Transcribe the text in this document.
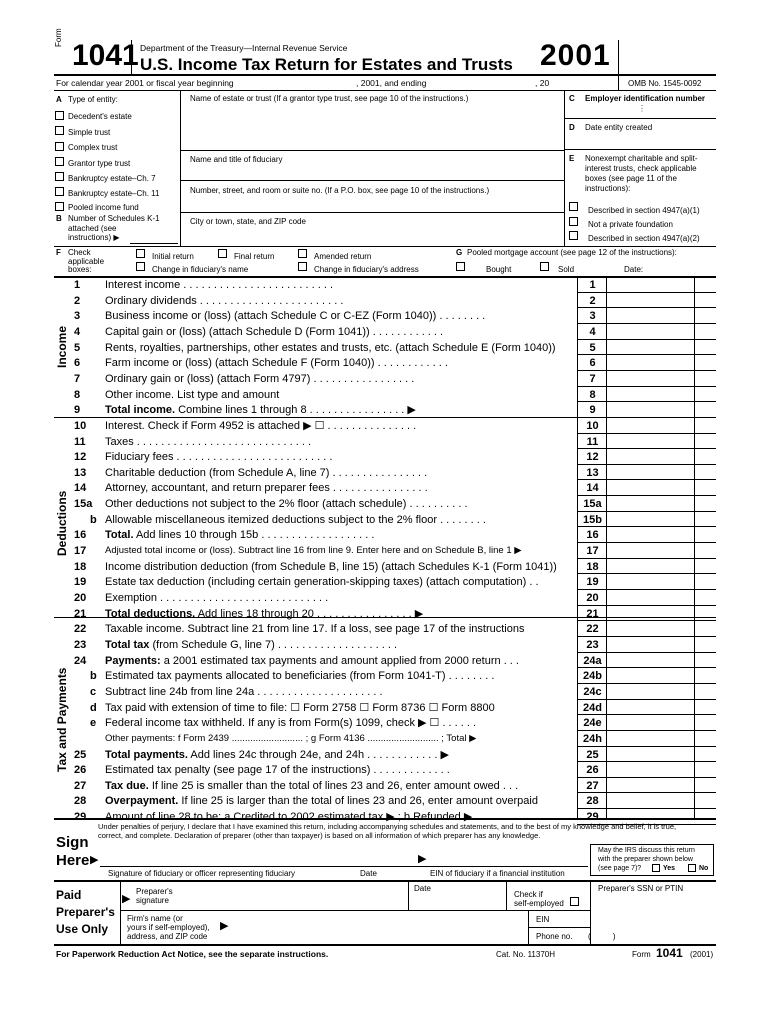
Form
1041 Department of the Treasury—Internal Revenue Service
U.S. Income Tax Return for Estates and Trusts 2001
For calendar year 2001 or fiscal year beginning	, 2001, and ending	, 20	OMB No. 1545-0092
A Type of entity:
Decedent's estate
Simple trust
Complex trust
Grantor type trust
Bankruptcy estate–Ch. 7
Bankruptcy estate–Ch. 11
Pooled income fund
B Number of Schedules K-1
attached (see
instructions) ▶
Name of estate or trust (If a grantor type trust, see page 10 of the instructions.)
Name and title of fiduciary
Number, street, and room or suite no. (If a P.O. box, see page 10 of the instructions.)
City or town, state, and ZIP code
C Employer identification number
⋮
D Date entity created
E Nonexempt charitable and split-
interest trusts, check applicable
boxes (see page 11 of the
instructions):
Described in section 4947(a)(1)
Not a private foundation
Described in section 4947(a)(2)
F Check
applicable
boxes:
Initial return	Final return	Amended return
Change in fiduciary's name	Change in fiduciary's address
G Pooled mortgage account (see page 12 of the instructions):
Bought	Sold	Date:
Income
Deductions
Tax and Payments
1	Interest income . . . . . . . . . . . . . . . . . . . . . . . . .	1
2	Ordinary dividends . . . . . . . . . . . . . . . . . . . . . . . .	2
3	Business income or (loss) (attach Schedule C or C-EZ (Form 1040)) . . . . . . . .	3
4	Capital gain or (loss) (attach Schedule D (Form 1041)) . . . . . . . . . . . .	4
5	Rents, royalties, partnerships, other estates and trusts, etc. (attach Schedule E (Form 1040))	5
6	Farm income or (loss) (attach Schedule F (Form 1040)) . . . . . . . . . . . .	6
7	Ordinary gain or (loss) (attach Form 4797) . . . . . . . . . . . . . . . . .	7
8	Other income. List type and amount	8
9	Total income. Combine lines 1 through 8 . . . . . . . . . . . . . . . . ▶	9
10	Interest. Check if Form 4952 is attached ▶ ☐ . . . . . . . . . . . . . . .	10
11	Taxes . . . . . . . . . . . . . . . . . . . . . . . . . . . . .	11
12	Fiduciary fees . . . . . . . . . . . . . . . . . . . . . . . . . .	12
13	Charitable deduction (from Schedule A, line 7) . . . . . . . . . . . . . . . .	13
14	Attorney, accountant, and return preparer fees . . . . . . . . . . . . . . . .	14
15a	Other deductions not subject to the 2% floor (attach schedule) . . . . . . . . . .	15a
b Allowable miscellaneous itemized deductions subject to the 2% floor . . . . . . . .	15b
16	Total. Add lines 10 through 15b . . . . . . . . . . . . . . . . . . .	16
17	Adjusted total income or (loss). Subtract line 16 from line 9. Enter here and on Schedule B, line 1 ▶	17
18	Income distribution deduction (from Schedule B, line 15) (attach Schedules K-1 (Form 1041))	18
19	Estate tax deduction (including certain generation-skipping taxes) (attach computation) . .	19
20	Exemption . . . . . . . . . . . . . . . . . . . . . . . . . . . .	20
21	Total deductions. Add lines 18 through 20 . . . . . . . . . . . . . . . . ▶	21
22	Taxable income. Subtract line 21 from line 17. If a loss, see page 17 of the instructions	22
23	Total tax (from Schedule G, line 7) . . . . . . . . . . . . . . . . . . . .	23
24	Payments: a 2001 estimated tax payments and amount applied from 2000 return . . .	24a
b Estimated tax payments allocated to beneficiaries (from Form 1041-T) . . . . . . . .	24b
c Subtract line 24b from line 24a . . . . . . . . . . . . . . . . . . . . .	24c
d Tax paid with extension of time to file: ☐ Form 2758 ☐ Form 8736 ☐ Form 8800	24d
e Federal income tax withheld. If any is from Form(s) 1099, check ▶ ☐ . . . . . .	24e
Other payments: f Form 2439 ........................... ; g Form 4136 ........................... ; Total ▶	24h
25	Total payments. Add lines 24c through 24e, and 24h . . . . . . . . . . . . ▶	25
26	Estimated tax penalty (see page 17 of the instructions) . . . . . . . . . . . . .	26
27	Tax due. If line 25 is smaller than the total of lines 23 and 26, enter amount owed . . .	27
28	Overpayment. If line 25 is larger than the total of lines 23 and 26, enter amount overpaid	28
29	Amount of line 28 to be: a Credited to 2002 estimated tax ▶ ; b Refunded ▶	29
Under penalties of perjury, I declare that I have examined this return, including accompanying schedules and statements, and to the best of my knowledge and belief, it is true,
correct, and complete. Declaration of preparer (other than taxpayer) is based on all information of which preparer has any knowledge.
Sign
Here ▶
Signature of fiduciary or officer representing fiduciary	Date
▶
EIN of fiduciary if a financial institution
May the IRS discuss this return
with the preparer shown below
(see page 7)?	Yes	No
Paid
Preparer's
Use Only
Preparer's
signature
▶
Date
Check if
self-employed
Preparer's SSN or PTIN
Firm's name (or
yours if self-employed),
address, and ZIP code
▶
EIN
Phone no. (          )
For Paperwork Reduction Act Notice, see the separate instructions.	Cat. No. 11370H	Form 1041 (2001)
